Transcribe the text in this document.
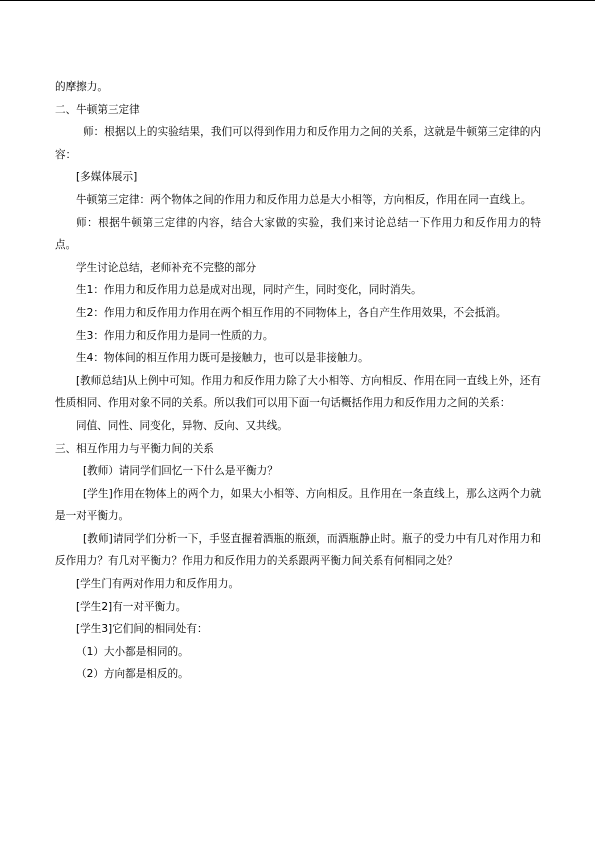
的摩擦力。

二、牛顿第三定律

师：根据以上的实验结果，我们可以得到作用力和反作用力之间的关系，这就是牛顿第三定律的内容：

[多媒体展示]

牛顿第三定律：两个物体之间的作用力和反作用力总是大小相等，方向相反，作用在同一直线上。

师：根据牛顿第三定律的内容，结合大家做的实验，我们来讨论总结一下作用力和反作用力的特点。

学生讨论总结，老师补充不完整的部分

生1：作用力和反作用力总是成对出现，同时产生，同时变化，同时消失。

生2：作用力和反作用力作用在两个相互作用的不同物体上，各自产生作用效果，不会抵消。

生3：作用力和反作用力是同一性质的力。

生4：物体间的相互作用力既可是接触力，也可以是非接触力。

[教师总结]从上例中可知。作用力和反作用力除了大小相等、方向相反、作用在同一直线上外，还有性质相同、作用对象不同的关系。所以我们可以用下面一句话概括作用力和反作用力之间的关系：

同值、同性、同变化，异物、反向、又共线。

三、相互作用力与平衡力间的关系

[教师）请同学们回忆一下什么是平衡力？

[学生]作用在物体上的两个力，如果大小相等、方向相反。且作用在一条直线上，那么这两个力就是一对平衡力。

[教师]请同学们分析一下，手竖直握着酒瓶的瓶颈，而酒瓶静止时。瓶子的受力中有几对作用力和反作用力？有几对平衡力？作用力和反作用力的关系跟两平衡力间关系有何相同之处？

[学生门有两对作用力和反作用力。

[学生2]有一对平衡力。

[学生3]它们间的相同处有：

（1）大小都是相同的。

（2）方向都是相反的。
